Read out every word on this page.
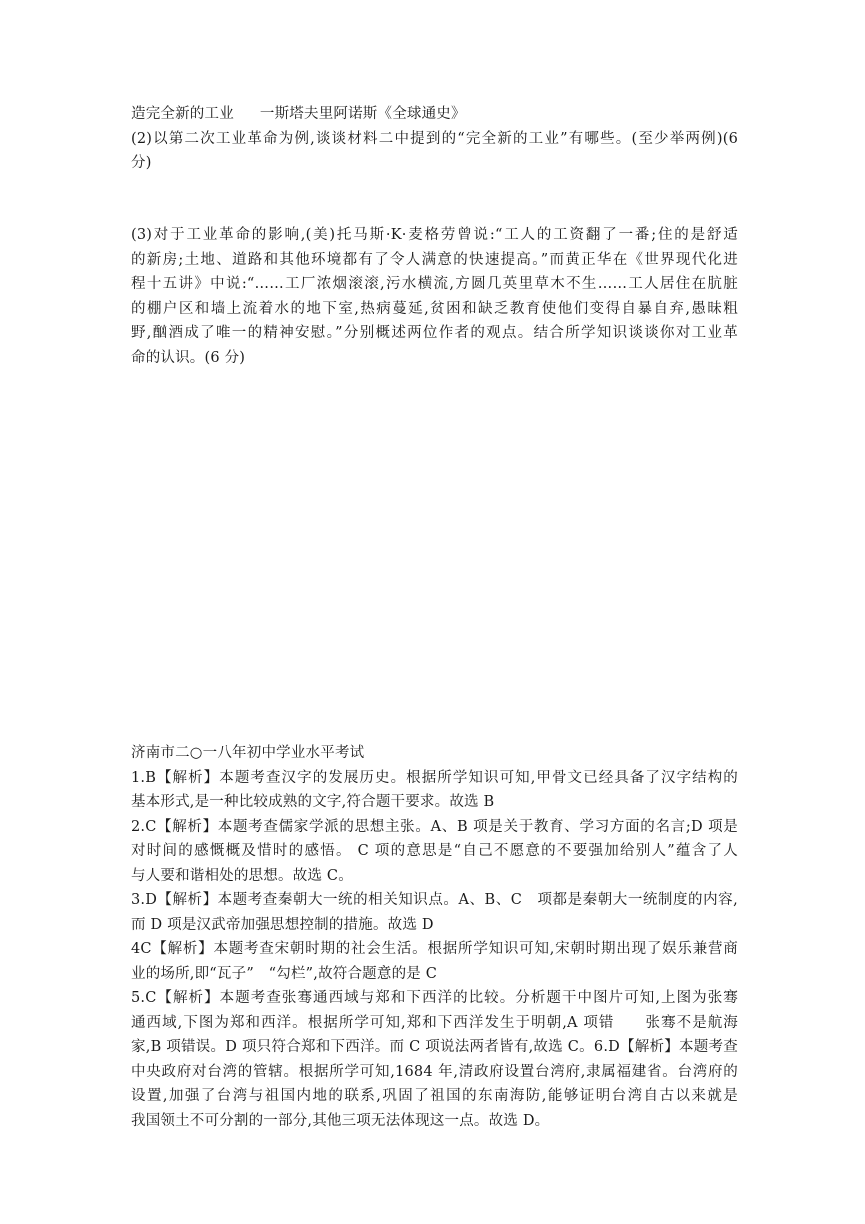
造完全新的工业 一斯塔夫里阿诺斯《全球通史》
(2)以第二次工业革命为例,谈谈材料二中提到的“完全新的工业”有哪些。(至少举两例)(6
分)
(3)对于工业革命的影响,(美)托马斯·K·麦格劳曾说:“工人的工资翻了一番;住的是舒适
的新房;土地、道路和其他环境都有了令人满意的快速提高。”而黄正华在《世界现代化进
程十五讲》中说:“……工厂浓烟滚滚,污水横流,方圆几英里草木不生……工人居住在肮脏
的棚户区和墙上流着水的地下室,热病蔓延,贫困和缺乏教育使他们变得自暴自弃,愚昧粗
野,酗酒成了唯一的精神安慰。”分别概述两位作者的观点。结合所学知识谈谈你对工业革
命的认识。(6 分)
济南市二○一八年初中学业水平考试
1.B【解析】本题考查汉字的发展历史。根据所学知识可知,甲骨文已经具备了汉字结构的
基本形式,是一种比较成熟的文字,符合题干要求。故选 B
2.C【解析】本题考查儒家学派的思想主张。A、B 项是关于教育、学习方面的名言;D 项是
对时间的感慨概及惜时的感悟。 C 项的意思是“自己不愿意的不要强加给别人”蕴含了人
与人要和谐相处的思想。故选 C。
3.D【解析】本题考查秦朝大一统的相关知识点。A、B、C　项都是秦朝大一统制度的内容,
而 D 项是汉武帝加强思想控制的措施。故选 D
4C【解析】本题考查宋朝时期的社会生活。根据所学知识可知,宋朝时期出现了娱乐兼营商
业的场所,即“瓦子”　“勾栏”,故符合题意的是 C
5.C【解析】本题考查张骞通西域与郑和下西洋的比较。分析题干中图片可知,上图为张骞
通西域,下图为郑和西洋。根据所学可知,郑和下西洋发生于明朝,A 项错　　张骞不是航海
家,B 项错误。D 项只符合郑和下西洋。而 C 项说法两者皆有,故选 C。6.D【解析】本题考查
中央政府对台湾的管辖。根据所学可知,1684 年,清政府设置台湾府,隶属福建省。台湾府的
设置,加强了台湾与祖国内地的联系,巩固了祖国的东南海防,能够证明台湾自古以来就是
我国领土不可分割的一部分,其他三项无法体现这一点。故选 D。
